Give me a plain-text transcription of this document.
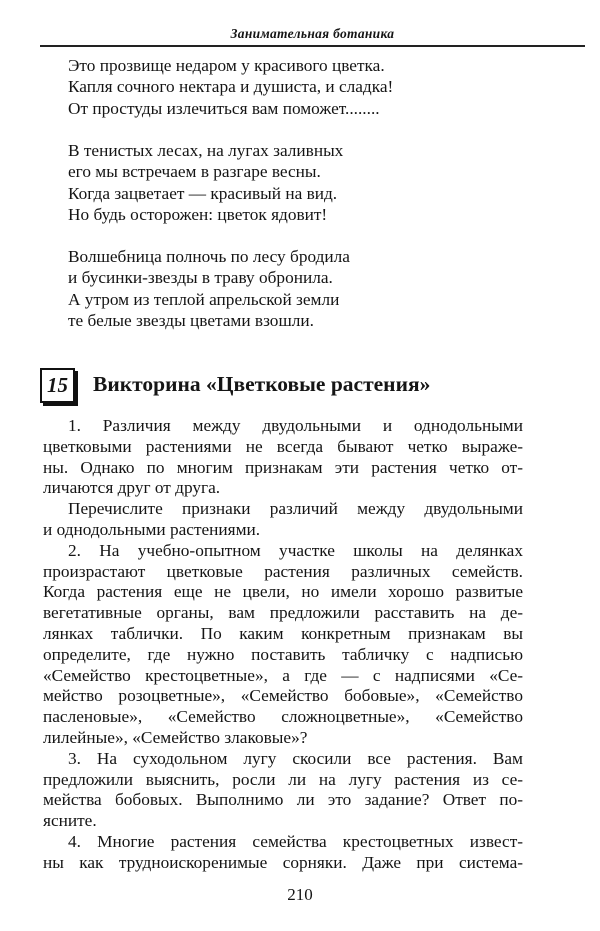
Занимательная ботаника
Это прозвище недаром у красивого цветка.
Капля сочного нектара и душиста, и сладка!
От простуды излечиться вам поможет........
В тенистых лесах, на лугах заливных
его мы встречаем в разгаре весны.
Когда зацветает — красивый на вид.
Но будь осторожен: цветок ядовит!
Волшебница полночь по лесу бродила
и бусинки-звезды в траву обронила.
А утром из теплой апрельской земли
те белые звезды цветами взошли.
15	Викторина «Цветковые растения»
1. Различия между двудольными и однодольными
цветковыми растениями не всегда бывают четко выраже-
ны. Однако по многим признакам эти растения четко от-
личаются друг от друга.
Перечислите признаки различий между двудольными
и однодольными растениями.
2. На учебно-опытном участке школы на делянках
произрастают цветковые растения различных семейств.
Когда растения еще не цвели, но имели хорошо развитые
вегетативные органы, вам предложили расставить на де-
лянках таблички. По каким конкретным признакам вы
определите, где нужно поставить табличку с надписью
«Семейство крестоцветные», а где — с надписями «Се-
мейство розоцветные», «Семейство бобовые», «Семейство
пасленовые», «Семейство сложноцветные», «Семейство
лилейные», «Семейство злаковые»?
3. На суходольном лугу скосили все растения. Вам
предложили выяснить, росли ли на лугу растения из се-
мейства бобовых. Выполнимо ли это задание? Ответ по-
ясните.
4. Многие растения семейства крестоцветных извест-
ны как трудноискоренимые сорняки. Даже при система-
210
